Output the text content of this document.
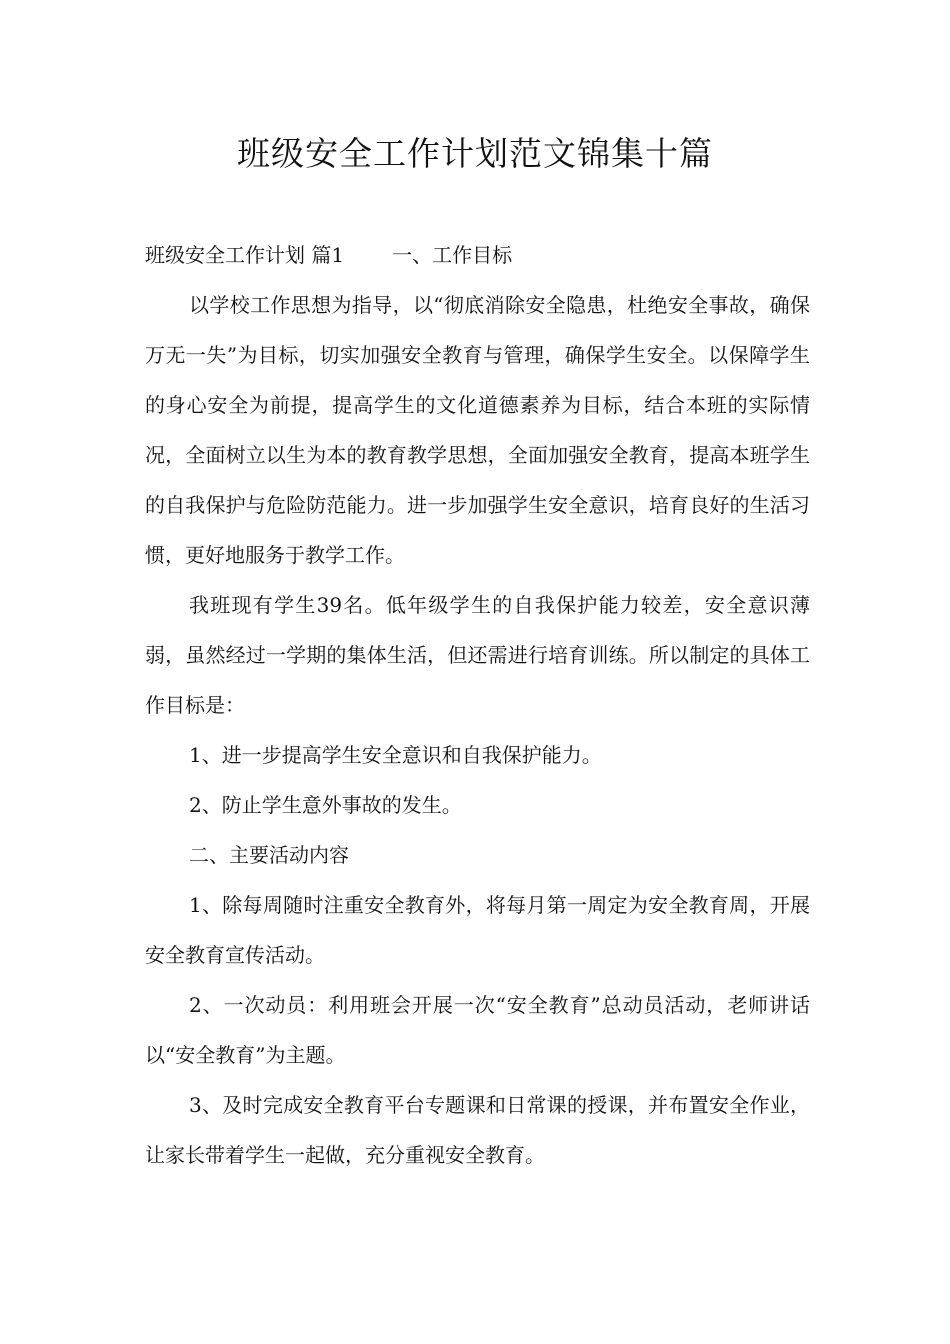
班级安全工作计划范文锦集十篇

班级安全工作计划 篇1 一、工作目标

以学校工作思想为指导，以“彻底消除安全隐患，杜绝安全事故，确保万无一失”为目标，切实加强安全教育与管理，确保学生安全。以保障学生的身心安全为前提，提高学生的文化道德素养为目标，结合本班的实际情况，全面树立以生为本的教育教学思想，全面加强安全教育，提高本班学生的自我保护与危险防范能力。进一步加强学生安全意识，培育良好的生活习惯，更好地服务于教学工作。

我班现有学生39名。低年级学生的自我保护能力较差，安全意识薄弱，虽然经过一学期的集体生活，但还需进行培育训练。所以制定的具体工作目标是：

1、进一步提高学生安全意识和自我保护能力。

2、防止学生意外事故的发生。

二、主要活动内容

1、除每周随时注重安全教育外，将每月第一周定为安全教育周，开展安全教育宣传活动。

2、一次动员：利用班会开展一次“安全教育”总动员活动，老师讲话以“安全教育”为主题。

3、及时完成安全教育平台专题课和日常课的授课，并布置安全作业，让家长带着学生一起做，充分重视安全教育。
